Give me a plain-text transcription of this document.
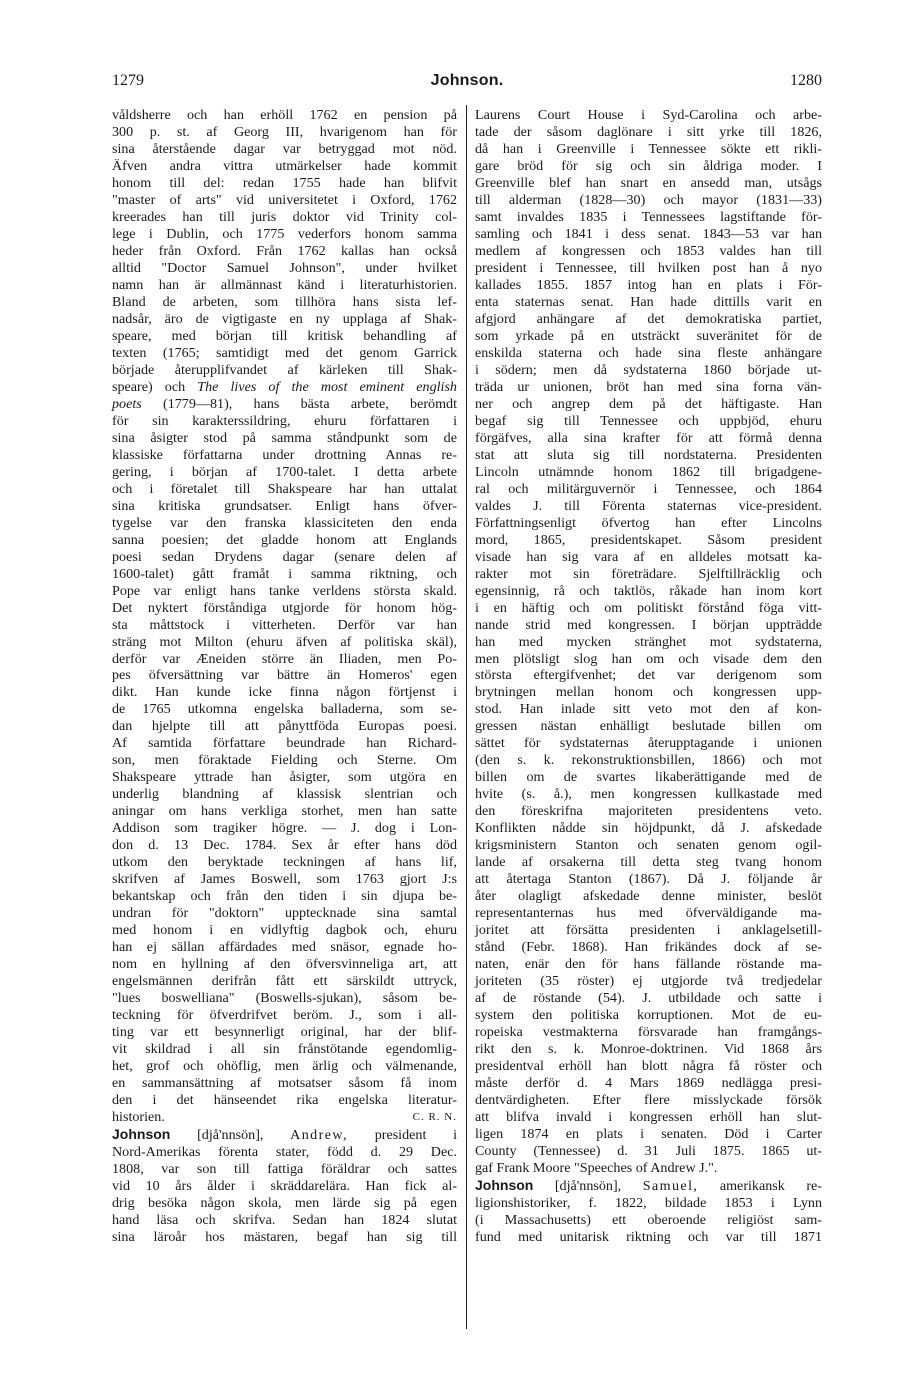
1279	Johnson.	1280
våldsherre och han erhöll 1762 en pension på
300 p. st. af Georg III, hvarigenom han för
sina återstående dagar var betryggad mot nöd.
Äfven andra vittra utmärkelser hade kommit
honom till del: redan 1755 hade han blifvit
"master of arts" vid universitetet i Oxford, 1762
kreerades han till juris doktor vid Trinity col-
lege i Dublin, och 1775 vederfors honom samma
heder från Oxford. Från 1762 kallas han också
alltid "Doctor Samuel Johnson", under hvilket
namn han är allmännast känd i literaturhistorien.
Bland de arbeten, som tillhöra hans sista lef-
nadsår, äro de vigtigaste en ny upplaga af Shak-
speare, med början till kritisk behandling af
texten (1765; samtidigt med det genom Garrick
började återupplifvandet af kärleken till Shak-
speare) och The lives of the most eminent english
poets (1779—81), hans bästa arbete, berömdt
för sin karakterssildring, ehuru författaren i
sina åsigter stod på samma ståndpunkt som de
klassiske författarna under drottning Annas re-
gering, i början af 1700-talet. I detta arbete
och i företalet till Shakspeare har han uttalat
sina kritiska grundsatser. Enligt hans öfver-
tygelse var den franska klassiciteten den enda
sanna poesien; det gladde honom att Englands
poesi sedan Drydens dagar (senare delen af
1600-talet) gått framåt i samma riktning, och
Pope var enligt hans tanke verldens största skald.
Det nyktert förståndiga utgjorde för honom hög-
sta måttstock i vitterheten. Derför var han
sträng mot Milton (ehuru äfven af politiska skäl),
derför var Æneiden större än Iliaden, men Po-
pes öfversättning var bättre än Homeros' egen
dikt. Han kunde icke finna någon förtjenst i
de 1765 utkomna engelska balladerna, som se-
dan hjelpte till att pånyttföda Europas poesi.
Af samtida författare beundrade han Richard-
son, men föraktade Fielding och Sterne. Om
Shakspeare yttrade han åsigter, som utgöra en
underlig blandning af klassisk slentrian och
aningar om hans verkliga storhet, men han satte
Addison som tragiker högre. — J. dog i Lon-
don d. 13 Dec. 1784. Sex år efter hans död
utkom den beryktade teckningen af hans lif,
skrifven af James Boswell, som 1763 gjort J:s
bekantskap och från den tiden i sin djupa be-
undran för "doktorn" upptecknade sina samtal
med honom i en vidlyftig dagbok och, ehuru
han ej sällan affärdades med snäsor, egnade ho-
nom en hyllning af den öfversvinneliga art, att
engelsmännen derifrån fått ett särskildt uttryck,
"lues boswelliana" (Boswells-sjukan), såsom be-
teckning för öfverdrifvet beröm. J., som i all-
ting var ett besynnerligt original, har der blif-
vit skildrad i all sin frånstötande egendomlig-
het, grof och ohöflig, men ärlig och välmenande,
en sammansättning af motsatser såsom få inom
den i det hänseendet rika engelska literatur-
historien.	C. R. N.
Johnson [djå'nnsön], Andrew, president i
Nord-Amerikas förenta stater, född d. 29 Dec.
1808, var son till fattiga föräldrar och sattes
vid 10 års ålder i skräddarelära. Han fick al-
drig besöka någon skola, men lärde sig på egen
hand läsa och skrifva. Sedan han 1824 slutat
sina läroår hos mästaren, begaf han sig till
Laurens Court House i Syd-Carolina och arbe-
tade der såsom daglönare i sitt yrke till 1826,
då han i Greenville i Tennessee sökte ett rikli-
gare bröd för sig och sin åldriga moder. I
Greenville blef han snart en ansedd man, utsågs
till alderman (1828—30) och mayor (1831—33)
samt invaldes 1835 i Tennessees lagstiftande för-
samling och 1841 i dess senat. 1843—53 var han
medlem af kongressen och 1853 valdes han till
president i Tennessee, till hvilken post han å nyo
kallades 1855. 1857 intog han en plats i För-
enta staternas senat. Han hade dittills varit en
afgjord anhängare af det demokratiska partiet,
som yrkade på en utsträckt suveränitet för de
enskilda staterna och hade sina fleste anhängare
i södern; men då sydstaterna 1860 började ut-
träda ur unionen, bröt han med sina forna vän-
ner och angrep dem på det häftigaste. Han
begaf sig till Tennessee och uppbjöd, ehuru
förgäfves, alla sina krafter för att förmå denna
stat att sluta sig till nordstaterna. Presidenten
Lincoln utnämnde honom 1862 till brigadgene-
ral och militärguvernör i Tennessee, och 1864
valdes J. till Förenta staternas vice-president.
Författningsenligt öfvertog han efter Lincolns
mord, 1865, presidentskapet. Såsom president
visade han sig vara af en alldeles motsatt ka-
rakter mot sin företrädare. Sjelftillräcklig och
egensinnig, rå och taktlös, råkade han inom kort
i en häftig och om politiskt förstånd föga vitt-
nande strid med kongressen. I början uppträdde
han med mycken stränghet mot sydstaterna,
men plötsligt slog han om och visade dem den
största eftergifvenhet; det var derigenom som
brytningen mellan honom och kongressen upp-
stod. Han inlade sitt veto mot den af kon-
gressen nästan enhälligt beslutade billen om
sättet för sydstaternas återupptagande i unionen
(den s. k. rekonstruktionsbillen, 1866) och mot
billen om de svartes likaberättigande med de
hvite (s. å.), men kongressen kullkastade med
den föreskrifna majoriteten presidentens veto.
Konflikten nådde sin höjdpunkt, då J. afskedade
krigsministern Stanton och senaten genom ogil-
lande af orsakerna till detta steg tvang honom
att återtaga Stanton (1867). Då J. följande år
åter olagligt afskedade denne minister, beslöt
representanternas hus med öfverväldigande ma-
joritet att försätta presidenten i anklagelsetill-
stånd (Febr. 1868). Han frikändes dock af se-
naten, enär den för hans fällande röstande ma-
joriteten (35 röster) ej utgjorde två tredjedelar
af de röstande (54). J. utbildade och satte i
system den politiska korruptionen. Mot de eu-
ropeiska vestmakterna försvarade han framgångs-
rikt den s. k. Monroe-doktrinen. Vid 1868 års
presidentval erhöll han blott några få röster och
måste derför d. 4 Mars 1869 nedlägga presi-
dentvärdigheten. Efter flere misslyckade försök
att blifva invald i kongressen erhöll han slut-
ligen 1874 en plats i senaten. Död i Carter
County (Tennessee) d. 31 Juli 1875. 1865 ut-
gaf Frank Moore "Speeches of Andrew J.".
Johnson [djå'nnsön], Samuel, amerikansk re-
ligionshistoriker, f. 1822, bildade 1853 i Lynn
(i Massachusetts) ett oberoende religiöst sam-
fund med unitarisk riktning och var till 1871
